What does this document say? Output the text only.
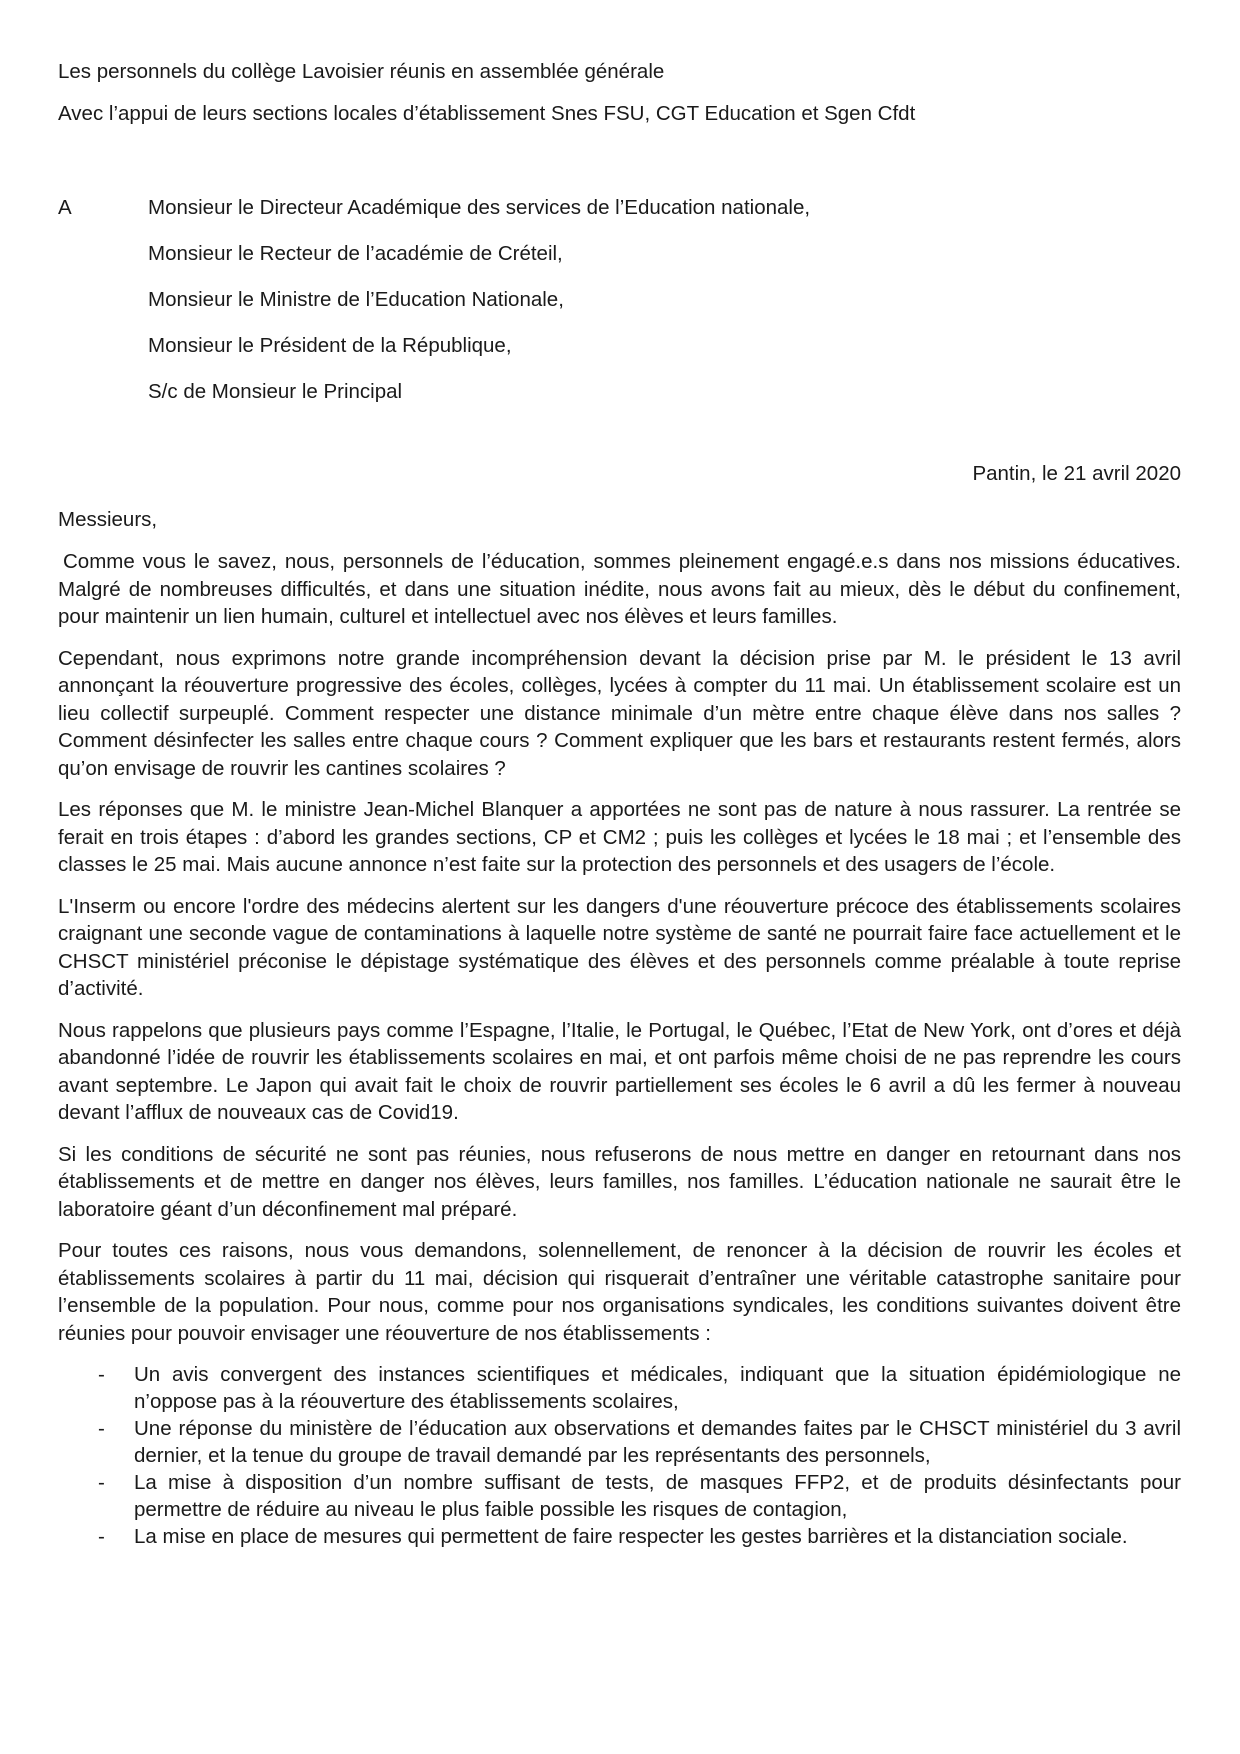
Les personnels du collège Lavoisier réunis en assemblée générale

Avec l’appui de leurs sections locales d’établissement Snes FSU, CGT Education et Sgen Cfdt

A	Monsieur le Directeur Académique des services de l’Education nationale,
Monsieur le Recteur de l’académie de Créteil,
Monsieur le Ministre de l’Education Nationale,
Monsieur le Président de la République,
S/c de Monsieur le Principal
Pantin, le 21 avril 2020
Messieurs,

Comme vous le savez, nous, personnels de l’éducation, sommes pleinement engagé.e.s dans nos missions éducatives. Malgré de nombreuses difficultés, et dans une situation inédite, nous avons fait au mieux, dès le début du confinement, pour maintenir un lien humain, culturel et intellectuel avec nos élèves et leurs familles.

Cependant, nous exprimons notre grande incompréhension devant la décision prise par M. le président le 13 avril annonçant la réouverture progressive des écoles, collèges, lycées à compter du 11 mai. Un établissement scolaire est un lieu collectif surpeuplé. Comment respecter une distance minimale d’un mètre entre chaque élève dans nos salles ? Comment désinfecter les salles entre chaque cours ? Comment expliquer que les bars et restaurants restent fermés, alors qu’on envisage de rouvrir les cantines scolaires ?

Les réponses que M. le ministre Jean-Michel Blanquer a apportées ne sont pas de nature à nous rassurer. La rentrée se ferait en trois étapes : d’abord les grandes sections, CP et CM2 ; puis les collèges et lycées le 18 mai ; et l’ensemble des classes le 25 mai. Mais aucune annonce n’est faite sur la protection des personnels et des usagers de l’école.

L'Inserm ou encore l'ordre des médecins alertent sur les dangers d'une réouverture précoce des établissements scolaires craignant une seconde vague de contaminations à laquelle notre système de santé ne pourrait faire face actuellement et le CHSCT ministériel préconise le dépistage systématique des élèves et des personnels comme préalable à toute reprise d’activité.

Nous rappelons que plusieurs pays comme l’Espagne, l’Italie, le Portugal, le Québec, l’Etat de New York, ont d’ores et déjà abandonné l’idée de rouvrir les établissements scolaires en mai, et ont parfois même choisi de ne pas reprendre les cours avant septembre. Le Japon qui avait fait le choix de rouvrir partiellement ses écoles le 6 avril a dû les fermer à nouveau devant l’afflux de nouveaux cas de Covid19.

Si les conditions de sécurité ne sont pas réunies, nous refuserons de nous mettre en danger en retournant dans nos établissements et de mettre en danger nos élèves, leurs familles, nos familles. L’éducation nationale ne saurait être le laboratoire géant d’un déconfinement mal préparé.

Pour toutes ces raisons, nous vous demandons, solennellement, de renoncer à la décision de rouvrir les écoles et établissements scolaires à partir du 11 mai, décision qui risquerait d’entraîner une véritable catastrophe sanitaire pour l’ensemble de la population. Pour nous, comme pour nos organisations syndicales, les conditions suivantes doivent être réunies pour pouvoir envisager une réouverture de nos établissements :

- Un avis convergent des instances scientifiques et médicales, indiquant que la situation épidémiologique ne n’oppose pas à la réouverture des établissements scolaires,
- Une réponse du ministère de l’éducation aux observations et demandes faites par le CHSCT ministériel du 3 avril dernier, et la tenue du groupe de travail demandé par les représentants des personnels,
- La mise à disposition d’un nombre suffisant de tests, de masques FFP2, et de produits désinfectants pour permettre de réduire au niveau le plus faible possible les risques de contagion,
- La mise en place de mesures qui permettent de faire respecter les gestes barrières et la distanciation sociale.
